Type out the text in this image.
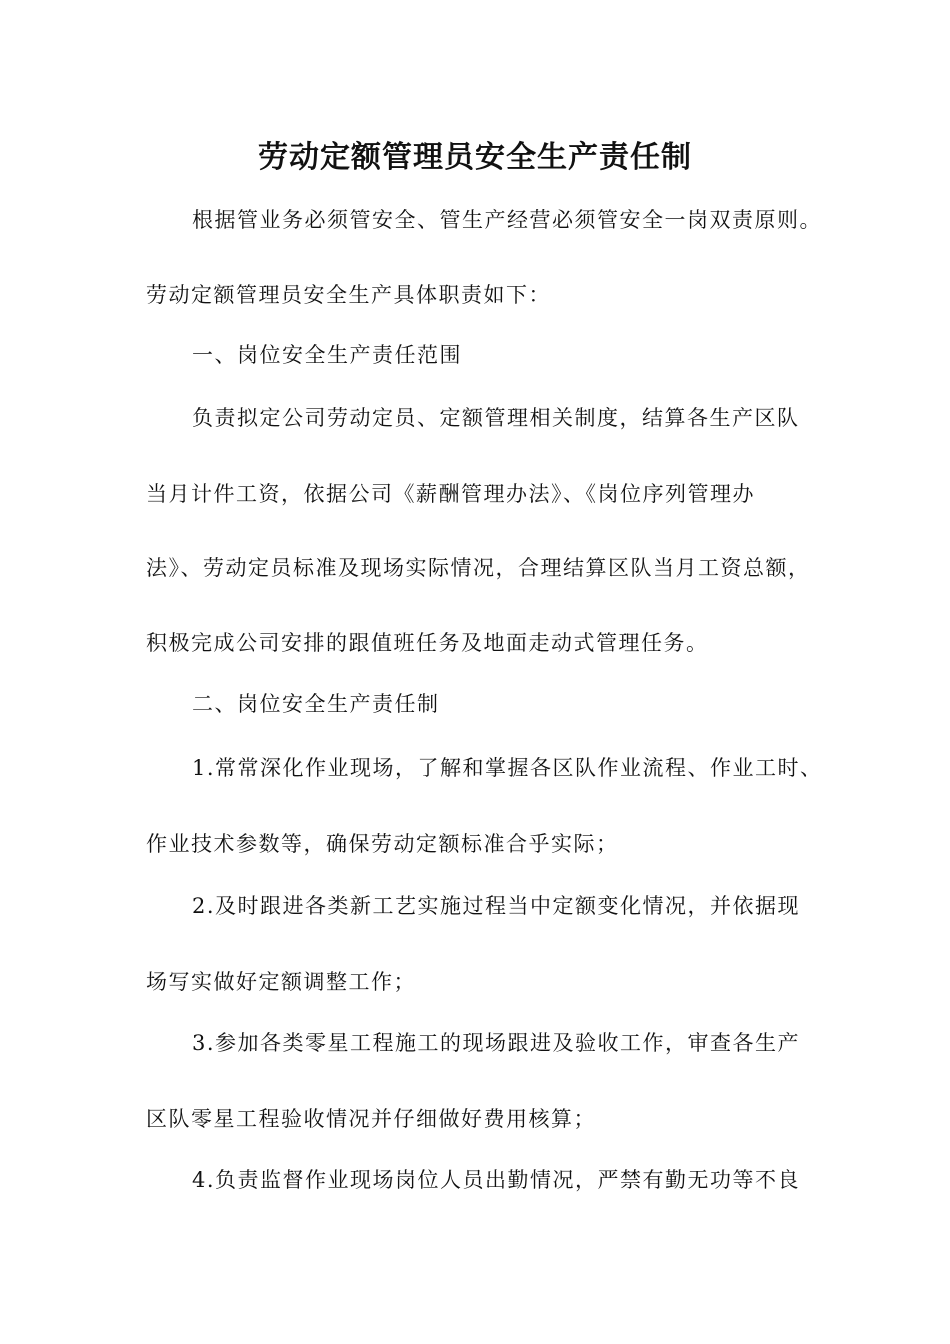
劳动定额管理员安全生产责任制
根据管业务必须管安全、管生产经营必须管安全一岗双责原则。
劳动定额管理员安全生产具体职责如下：
一、岗位安全生产责任范围
负责拟定公司劳动定员、定额管理相关制度，结算各生产区队
当月计件工资，依据公司《薪酬管理办法》、《岗位序列管理办
法》、劳动定员标准及现场实际情况，合理结算区队当月工资总额，
积极完成公司安排的跟值班任务及地面走动式管理任务。
二、岗位安全生产责任制
1.常常深化作业现场，了解和掌握各区队作业流程、作业工时、
作业技术参数等，确保劳动定额标准合乎实际；
2.及时跟进各类新工艺实施过程当中定额变化情况，并依据现
场写实做好定额调整工作；
3.参加各类零星工程施工的现场跟进及验收工作，审查各生产
区队零星工程验收情况并仔细做好费用核算；
4.负责监督作业现场岗位人员出勤情况，严禁有勤无功等不良
